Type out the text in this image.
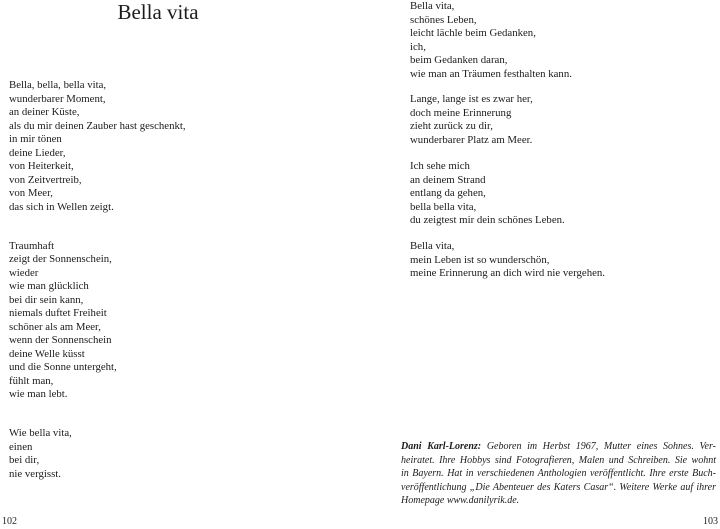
Bella vita
Bella, bella, bella vita,
wunderbarer Moment,
an deiner Küste,
als du mir deinen Zauber hast geschenkt,
in mir tönen
deine Lieder,
von Heiterkeit,
von Zeitvertreib,
von Meer,
das sich in Wellen zeigt.
Traumhaft
zeigt der Sonnenschein,
wieder
wie man glücklich
bei dir sein kann,
niemals duftet Freiheit
schöner als am Meer,
wenn der Sonnenschein
deine Welle küsst
und die Sonne untergeht,
fühlt man,
wie man lebt.
Wie bella vita,
einen
bei dir,
nie vergisst.
102
Bella vita,
schönes Leben,
leicht lächle beim Gedanken,
ich,
beim Gedanken daran,
wie man an Träumen festhalten kann.
Lange, lange ist es zwar her,
doch meine Erinnerung
zieht zurück zu dir,
wunderbarer Platz am Meer.
Ich sehe mich
an deinem Strand
entlang da gehen,
bella bella vita,
du zeigtest mir dein schönes Leben.
Bella vita,
mein Leben ist so wunderschön,
meine Erinnerung an dich wird nie vergehen.
Dani Karl-Lorenz: Geboren im Herbst 1967, Mutter eines Sohnes. Ver-
heiratet. Ihre Hobbys sind Fotografieren, Malen und Schreiben. Sie wohnt
in Bayern. Hat in verschiedenen Anthologien veröffentlicht. Ihre erste Buch-
veröffentlichung „Die Abenteuer des Katers Casar“. Weitere Werke auf ihrer
Homepage www.danilyrik.de.
103
